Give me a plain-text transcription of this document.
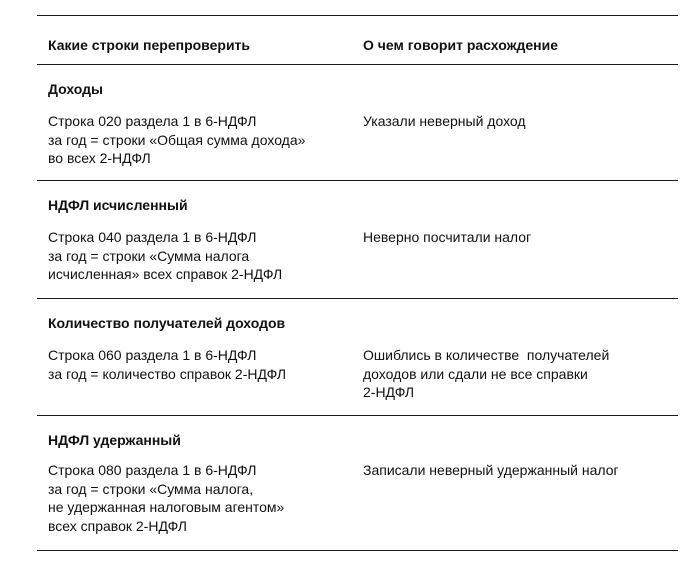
Какие строки перепроверить	О чем говорит расхождение
Доходы
Строка 020 раздела 1 в 6-НДФЛ
за год = строки «Общая сумма дохода»
во всех 2-НДФЛ
Указали неверный доход
НДФЛ исчисленный
Строка 040 раздела 1 в 6-НДФЛ
за год = строки «Сумма налога
исчисленная» всех справок 2-НДФЛ
Неверно посчитали налог
Количество получателей доходов
Строка 060 раздела 1 в 6-НДФЛ
за год = количество справок 2-НДФЛ
Ошиблись в количестве  получателей
доходов или сдали не все справки
2-НДФЛ
НДФЛ удержанный
Строка 080 раздела 1 в 6-НДФЛ
за год = строки «Сумма налога,
не удержанная налоговым агентом»
всех справок 2-НДФЛ
Записали неверный удержанный налог
